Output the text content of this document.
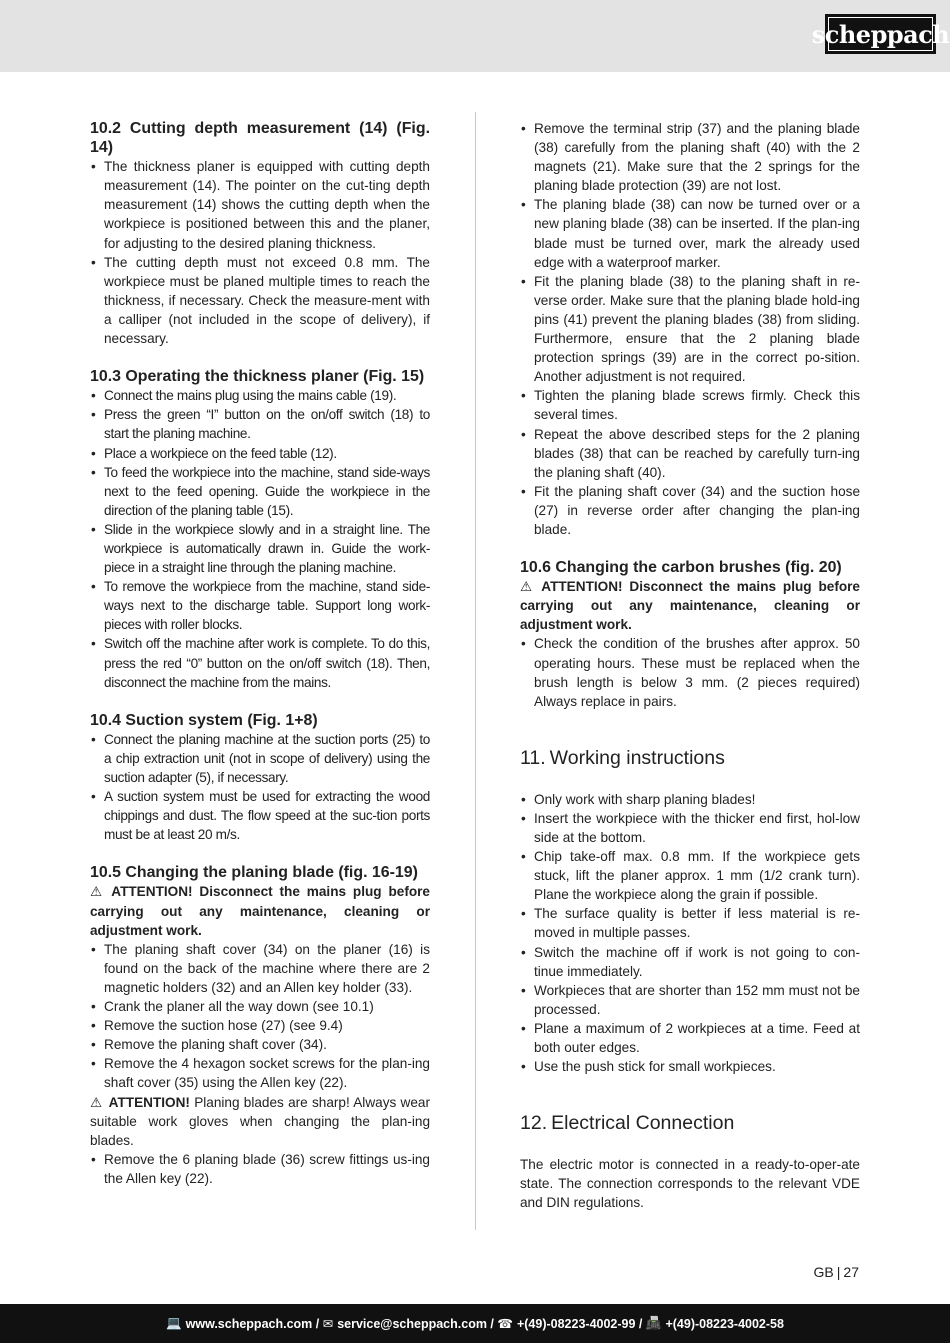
scheppach
10.2 Cutting depth measurement (14) (Fig. 14)
• The thickness planer is equipped with cutting depth measurement (14). The pointer on the cut-ting depth measurement (14) shows the cutting depth when the workpiece is positioned between this and the planer, for adjusting to the desired planing thickness.
• The cutting depth must not exceed 0.8 mm. The workpiece must be planed multiple times to reach the thickness, if necessary. Check the measure-ment with a calliper (not included in the scope of delivery), if necessary.
10.3 Operating the thickness planer (Fig. 15)
• Connect the mains plug using the mains cable (19).
• Press the green “I” button on the on/off switch (18) to start the planing machine.
• Place a workpiece on the feed table (12).
• To feed the workpiece into the machine, stand side-ways next to the feed opening. Guide the workpiece in the direction of the planing table (15).
• Slide in the workpiece slowly and in a straight line. The workpiece is automatically drawn in. Guide the work-piece in a straight line through the planing machine.
• To remove the workpiece from the machine, stand side-ways next to the discharge table. Support long work-pieces with roller blocks.
• Switch off the machine after work is complete. To do this, press the red “0” button on the on/off switch (18). Then, disconnect the machine from the mains.
10.4 Suction system (Fig. 1+8)
• Connect the planing machine at the suction ports (25) to a chip extraction unit (not in scope of delivery) using the suction adapter (5), if necessary.
• A suction system must be used for extracting the wood chippings and dust. The flow speed at the suc-tion ports must be at least 20 m/s.
10.5 Changing the planing blade (fig. 16-19)

⚠ ATTENTION! Disconnect the mains plug before carrying out any maintenance, cleaning or adjustment work.

• The planing shaft cover (34) on the planer (16) is found on the back of the machine where there are 2 magnetic holders (32) and an Allen key holder (33).
• Crank the planer all the way down (see 10.1)
• Remove the suction hose (27) (see 9.4)
• Remove the planing shaft cover (34).
• Remove the 4 hexagon socket screws for the plan-ing shaft cover (35) using the Allen key (22).

⚠ ATTENTION! Planing blades are sharp! Always wear suitable work gloves when changing the plan-ing blades.

• Remove the 6 planing blade (36) screw fittings us-ing the Allen key (22).
• Remove the terminal strip (37) and the planing blade (38) carefully from the planing shaft (40) with the 2 magnets (21). Make sure that the 2 springs for the planing blade protection (39) are not lost.
• The planing blade (38) can now be turned over or a new planing blade (38) can be inserted. If the plan-ing blade must be turned over, mark the already used edge with a waterproof marker.
• Fit the planing blade (38) to the planing shaft in re-verse order. Make sure that the planing blade hold-ing pins (41) prevent the planing blades (38) from sliding. Furthermore, ensure that the 2 planing blade protection springs (39) are in the correct po-sition. Another adjustment is not required.
• Tighten the planing blade screws firmly. Check this several times.
• Repeat the above described steps for the 2 planing blades (38) that can be reached by carefully turn-ing the planing shaft (40).
• Fit the planing shaft cover (34) and the suction hose (27) in reverse order after changing the plan-ing blade.
10.6 Changing the carbon brushes (fig. 20)

⚠ ATTENTION! Disconnect the mains plug before carrying out any maintenance, cleaning or adjustment work.

• Check the condition of the brushes after approx. 50 operating hours. These must be replaced when the brush length is below 3 mm. (2 pieces required) Always replace in pairs.
11. Working instructions
• Only work with sharp planing blades!
• Insert the workpiece with the thicker end first, hol-low side at the bottom.
• Chip take-off max. 0.8 mm. If the workpiece gets stuck, lift the planer approx. 1 mm (1/2 crank turn). Plane the workpiece along the grain if possible.
• The surface quality is better if less material is re-moved in multiple passes.
• Switch the machine off if work is not going to con-tinue immediately.
• Workpieces that are shorter than 152 mm must not be processed.
• Plane a maximum of 2 workpieces at a time. Feed at both outer edges.
• Use the push stick for small workpieces.
12. Electrical Connection

The electric motor is connected in a ready-to-oper-ate state. The connection corresponds to the relevant VDE and DIN regulations.

GB | 27
💻 www.scheppach.com / ✉ service@scheppach.com / ☎ +(49)-08223-4002-99 / 📠 +(49)-08223-4002-58
